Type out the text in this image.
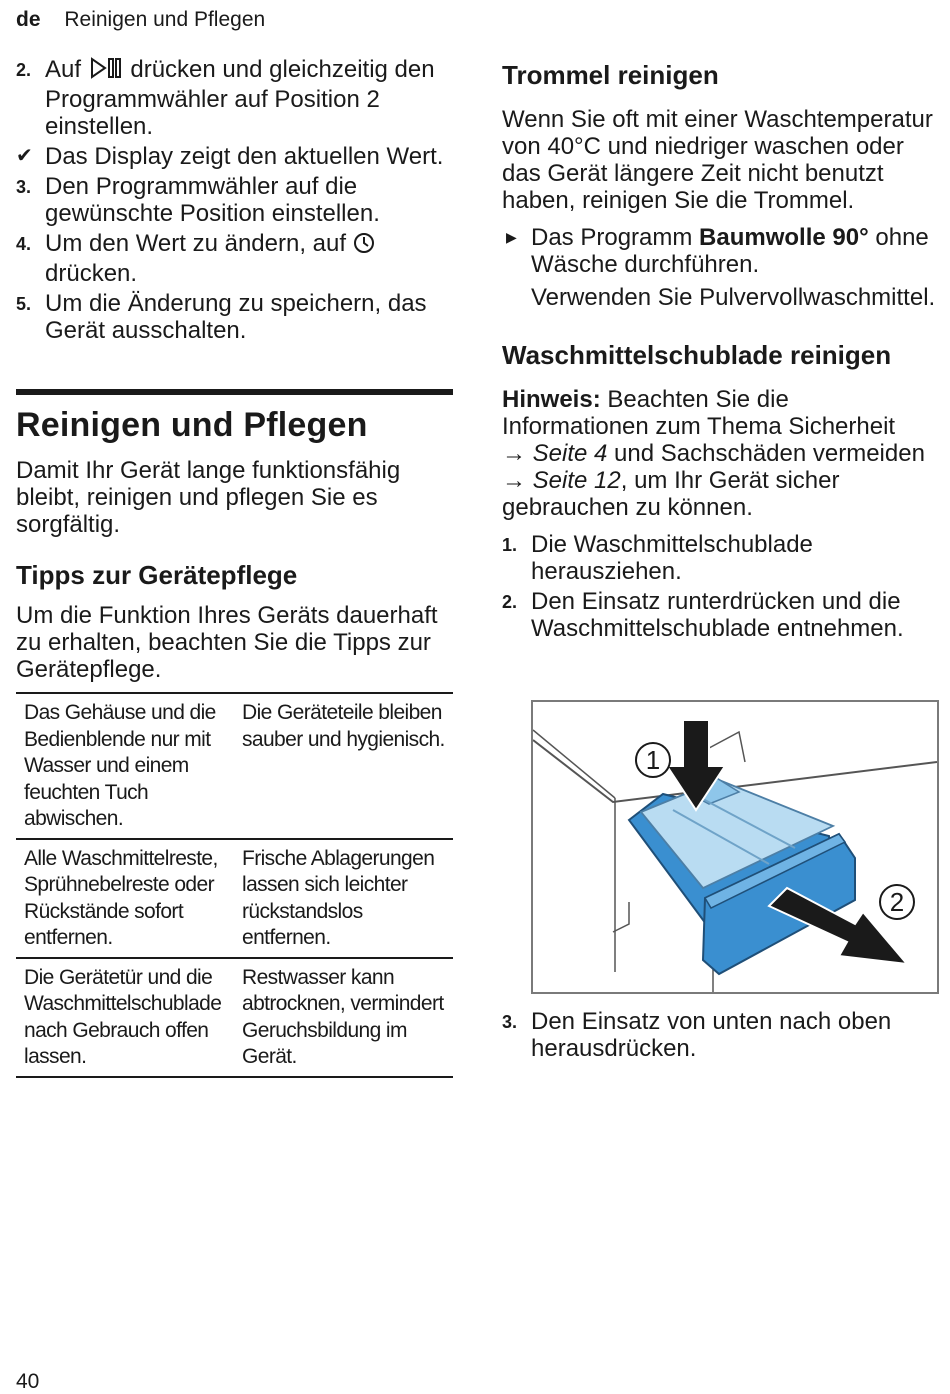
de Reinigen und Pflegen
2. Auf  drücken und gleichzeitig den Programmwähler auf Position 2 einstellen.
✔ Das Display zeigt den aktuellen Wert.
3. Den Programmwähler auf die gewünschte Position einstellen.
4. Um den Wert zu ändern, auf  drücken.
5. Um die Änderung zu speichern, das Gerät ausschalten.
Reinigen und Pflegen
Damit Ihr Gerät lange funktionsfähig bleibt, reinigen und pflegen Sie es sorgfältig.
Tipps zur Gerätepflege
Um die Funktion Ihres Geräts dauerhaft zu erhalten, beachten Sie die Tipps zur Gerätepflege.
Das Gehäuse und die Bedienblende nur mit Wasser und einem feuchten Tuch abwischen.	Die Geräteteile bleiben sauber und hygienisch.
Alle Waschmittelreste, Sprühnebelreste oder Rückstände sofort entfernen.	Frische Ablagerungen lassen sich leichter rückstandslos entfernen.
Die Gerätetür und die Waschmittelschublade nach Gebrauch offen lassen.	Restwasser kann abtrocknen, vermindert Geruchsbildung im Gerät.
Trommel reinigen
Wenn Sie oft mit einer Waschtemperatur von 40°C und niedriger waschen oder das Gerät längere Zeit nicht benutzt haben, reinigen Sie die Trommel.
▶ Das Programm Baumwolle 90° ohne Wäsche durchführen.
Verwenden Sie Pulvervollwaschmittel.
Waschmittelschublade reinigen
Hinweis: Beachten Sie die Informationen zum Thema Sicherheit
→ Seite 4 und Sachschäden vermeiden → Seite 12, um Ihr Gerät sicher gebrauchen zu können.
1. Die Waschmittelschublade herausziehen.
2. Den Einsatz runterdrücken und die Waschmittelschublade entnehmen.
1
2
3. Den Einsatz von unten nach oben herausdrücken.
40
